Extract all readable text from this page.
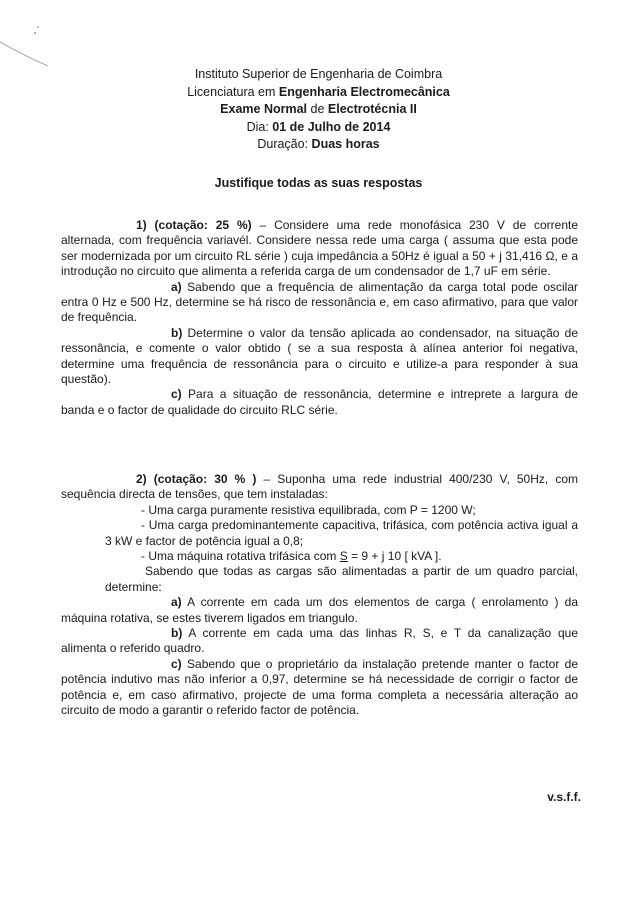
Instituto Superior de Engenharia de Coimbra
Licenciatura em Engenharia Electromecânica
Exame Normal de Electrotécnia II
Dia: 01 de Julho de 2014
Duração: Duas horas
Justifique todas as suas respostas

1) (cotação: 25 %) – Considere uma rede monofásica 230 V de corrente alternada, com frequência variavél. Considere nessa rede uma carga ( assuma que esta pode ser modernizada por um circuito RL série ) cuja impedância a 50Hz é igual a 50 + j 31,416 Ω, e a introdução no circuito que alimenta a referida carga de um condensador de 1,7 uF em série.

a) Sabendo que a frequência de alimentação da carga total pode oscilar entra 0 Hz e 500 Hz, determine se há risco de ressonância e, em caso afirmativo, para que valor de frequência.

b) Determine o valor da tensão aplicada ao condensador, na situação de ressonância, e comente o valor obtido ( se a sua resposta à alínea anterior foi negativa, determine uma frequência de ressonância para o circuito e utilize-a para responder à sua questão).

c) Para a situação de ressonância, determine e intreprete a largura de banda e o factor de qualidade do circuito RLC série.

2) (cotação: 30 % ) – Suponha uma rede industrial 400/230 V, 50Hz, com sequência directa de tensões, que tem instaladas:

- Uma carga puramente resistiva equilibrada, com P = 1200 W;

- Uma carga predominantemente capacitiva, trifásica, com potência activa igual a 3 kW e factor de potência igual a 0,8;

- Uma máquina rotativa trifásica com S = 9 + j 10 [ kVA ].

Sabendo que todas as cargas são alimentadas a partir de um quadro parcial, determine:

a) A corrente em cada um dos elementos de carga ( enrolamento ) da máquina rotativa, se estes tiverem ligados em triangulo.

b) A corrente em cada uma das linhas R, S, e T da canalização que alimenta o referido quadro.

c) Sabendo que o proprietário da instalação pretende manter o factor de potência indutivo mas não inferior a 0,97, determine se há necessidade de corrigir o factor de potência e, em caso afirmativo, projecte de uma forma completa a necessária alteração ao circuito de modo a garantir o referido factor de potência.

v.s.f.f.
